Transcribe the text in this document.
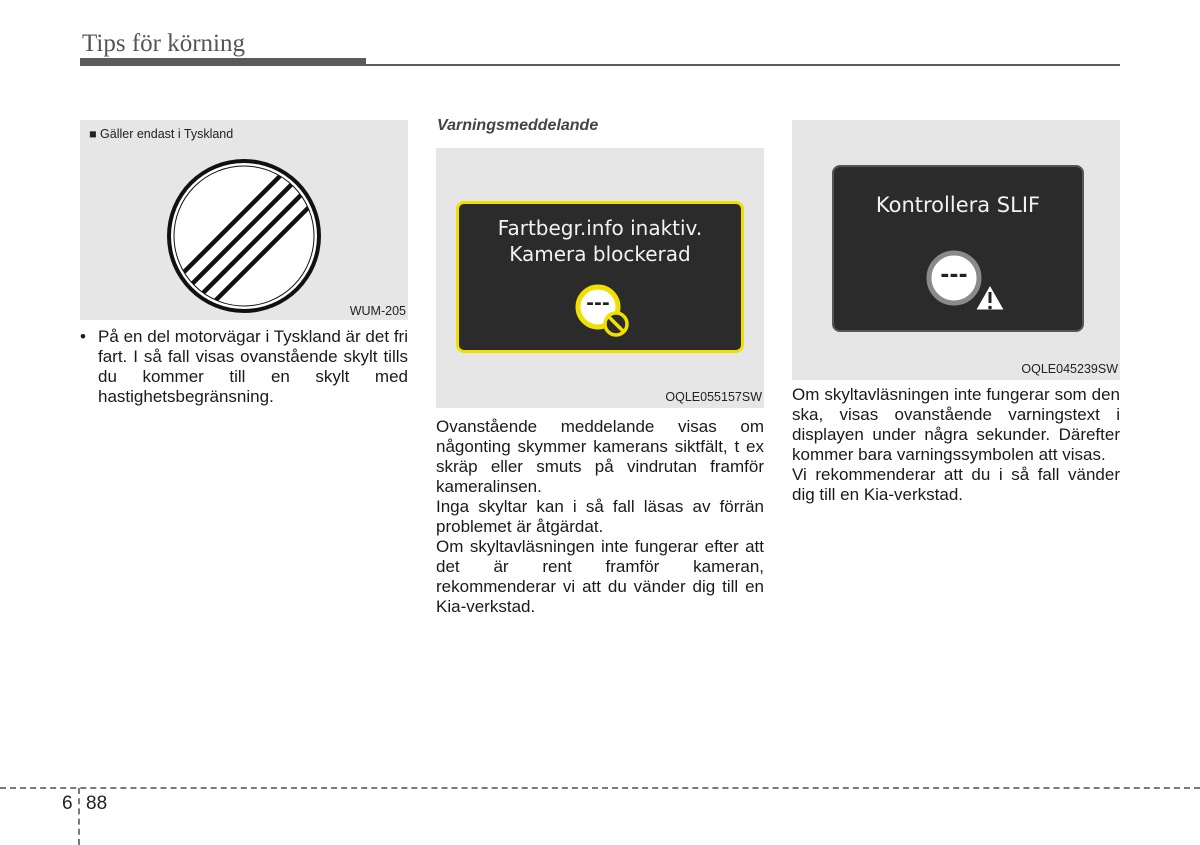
Tips för körning
■ Gäller endast i Tyskland
WUM-205
• På en del motorvägar i Tyskland är det fri fart. I så fall visas ovanstående skylt tills du kommer till en skylt med hastighetsbegränsning.
Varningsmeddelande
Fartbegr.info inaktiv.
Kamera blockerad
---
OQLE055157SW

Ovanstående meddelande visas om någonting skymmer kamerans siktfält, t ex skräp eller smuts på vindrutan framför kameralinsen.

Inga skyltar kan i så fall läsas av förrän problemet är åtgärdat.

Om skyltavläsningen inte fungerar efter att det är rent framför kameran, rekommenderar vi att du vänder dig till en Kia-verkstad.

Kontrollera SLIF
---
OQLE045239SW

Om skyltavläsningen inte fungerar som den ska, visas ovanstående varningstext i displayen under några sekunder. Därefter kommer bara varningssymbolen att visas.

Vi rekommenderar att du i så fall vänder dig till en Kia-verkstad.

6 88
